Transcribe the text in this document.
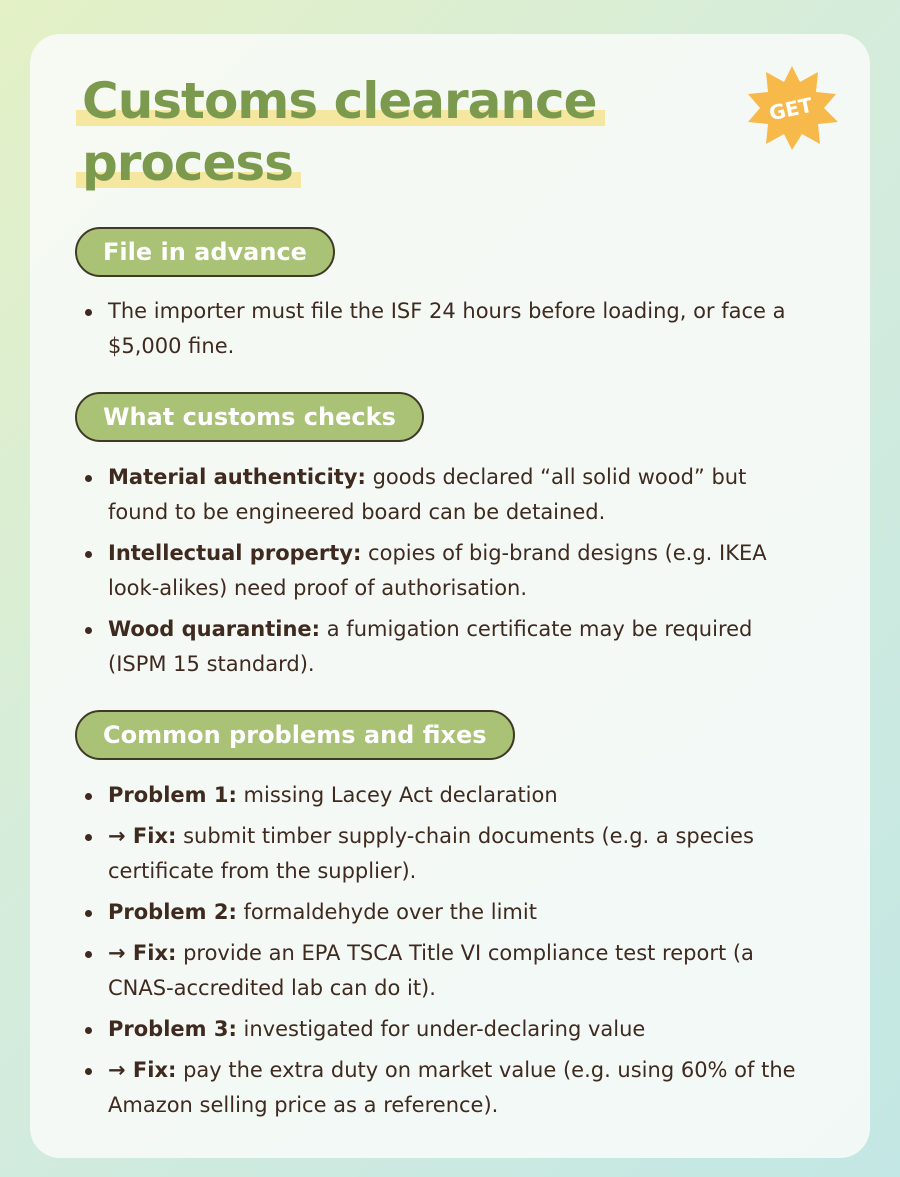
Customs clearance
process
GET
File in advance
The importer must file the ISF 24 hours before loading, or face a $5,000 fine.
What customs checks
Material authenticity: goods declared “all solid wood” but found to be engineered board can be detained.
Intellectual property: copies of big-brand designs (e.g. IKEA look-alikes) need proof of authorisation.
Wood quarantine: a fumigation certificate may be required (ISPM 15 standard).
Common problems and fixes
Problem 1: missing Lacey Act declaration
→ Fix: submit timber supply-chain documents (e.g. a species certificate from the supplier).
Problem 2: formaldehyde over the limit
→ Fix: provide an EPA TSCA Title VI compliance test report (a CNAS-accredited lab can do it).
Problem 3: investigated for under-declaring value
→ Fix: pay the extra duty on market value (e.g. using 60% of the Amazon selling price as a reference).
